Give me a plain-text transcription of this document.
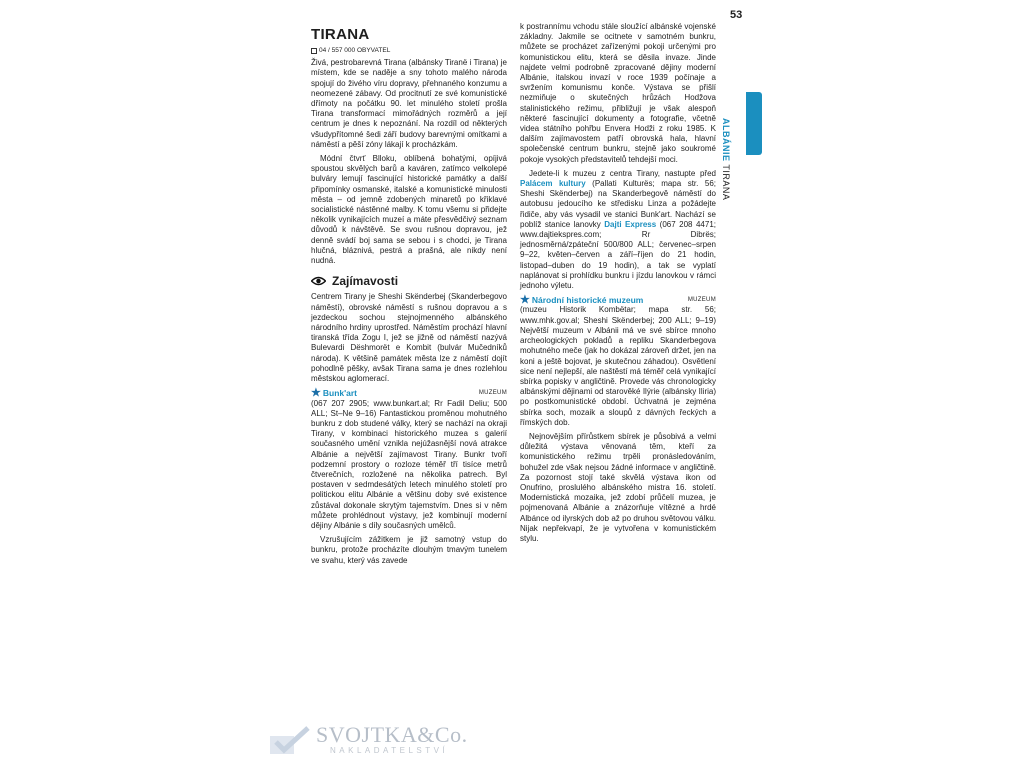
53
ALBÁNIE TIRANA
TIRANA
04 / 557 000 OBYVATEL

Živá, pestrobarevná Tirana (albánsky Tiranë i Tirana) je místem, kde se naděje a sny tohoto malého národa spojují do živého víru dopravy, přehnaného konzumu a neomezené zábavy. Od procitnutí ze své komunistické dřímoty na počátku 90. let minulého století prošla Tirana transformací mimořádných rozměrů a její centrum je dnes k nepoznání. Na rozdíl od některých všudypřítomné šedi září budovy barevnými omítkami a náměstí a pěší zóny lákají k procházkám.

Módní čtvrť Blloku, oblíbená bohatými, opíjivá spoustou skvělých barů a kaváren, zatímco velkolepé bulváry lemují fascinující historické památky a další připomínky osmanské, italské a komunistické minulosti města – od jemně zdobených minaretů po křiklavé socialistické nástěnné malby. K tomu všemu si přidejte několik vynikajících muzeí a máte přesvědčivý seznam důvodů k návštěvě. Se svou rušnou dopravou, jež denně svádí boj sama se sebou i s chodci, je Tirana hlučná, bláznivá, pestrá a prašná, ale nikdy není nudná.

Zajímavosti

Centrem Tirany je Sheshi Skënderbej (Skanderbegovo náměstí), obrovské náměstí s rušnou dopravou a s jezdeckou sochou stejnojmenného albánského národního hrdiny uprostřed. Náměstím prochází hlavní tiranská třída Zogu I, jež se jižně od náměstí nazývá Bulevardi Dëshmorët e Kombit (bulvár Mučedníků národa). K většině památek města lze z náměstí dojít pohodlně pěšky, avšak Tirana sama je dnes rozlehlou městskou aglomerací.

★ Bunk'art	MUZEUM

(067 207 2905; www.bunkart.al; Rr Fadil Deliu; 500 ALL; St–Ne 9–16) Fantastickou proměnou mohutného bunkru z dob studené války, který se nachází na okraji Tirany, v kombinaci historického muzea s galerií současného umění vznikla nejúžasnější nová atrakce Albánie a největší zajímavost Tirany. Bunkr tvoří podzemní prostory o rozloze téměř tří tisíce metrů čtverečních, rozložené na několika patrech. Byl postaven v sedmdesátých letech minulého století pro politickou elitu Albánie a většinu doby své existence zůstával dokonale skrytým tajemstvím. Dnes si v něm můžete prohlédnout výstavy, jež kombinují moderní dějiny Albánie s díly současných umělců.

Vzrušujícím zážitkem je již samotný vstup do bunkru, protože procházíte dlouhým tmavým tunelem ve svahu, který vás zavede

k postrannímu vchodu stále sloužící albánské vojenské základny. Jakmile se ocitnete v samotném bunkru, můžete se procházet zařízenými pokoji určenými pro komunistickou elitu, která se děsila invaze. Jinde najdete velmi podrobně zpracované dějiny moderní Albánie, italskou invazí v roce 1939 počínaje a svržením komunismu konče. Výstava se přišlí nezmiňuje o skutečných hrůzách Hodžova stalinistického režimu, přibližují je však alespoň některé fascinující dokumenty a fotografie, včetně videa státního pohřbu Envera Hodži z roku 1985. K dalším zajímavostem patří obrovská hala, hlavní společenské centrum bunkru, stejně jako soukromé pokoje vysokých představitelů tehdejší moci.

Jedete-li k muzeu z centra Tirany, nastupte před Palácem kultury (Pallati Kulturës; mapa str. 56; Sheshi Skënderbej) na Skanderbegově náměstí do autobusu jedoucího ke středisku Linza a požádejte řidiče, aby vás vysadil ve stanici Bunk'art. Nachází se poblíž stanice lanovky Dajti Express (067 208 4471; www.dajtiekspres.com; Rr Dibrës; jednosměrná/zpáteční 500/800 ALL; červenec–srpen 9–22, květen–červen a září–říjen do 21 hodin, listopad–duben do 19 hodin), a tak se vyplatí naplánovat si prohlídku bunkru i jízdu lanovkou v rámci jednoho výletu.

★ Národní historické muzeum	MUZEUM

(muzeu Historik Kombëtar; mapa str. 56; www.mhk.gov.al; Sheshi Skënderbej; 200 ALL; 9–19) Největší muzeum v Albánii má ve své sbírce mnoho archeologických pokladů a repliku Skanderbegova mohutného meče (jak ho dokázal zároveň držet, jen na koni a ještě bojovat, je skutečnou záhadou). Osvětlení sice není nejlepší, ale naštěstí má téměř celá vynikající sbírka popisky v angličtině. Provede vás chronologicky albánskými dějinami od starověké Ilýrie (albánsky Iliria) po postkomunistické období. Úchvatná je zejména sbírka soch, mozaik a sloupů z dávných řeckých a římských dob.

Nejnovějším přírůstkem sbírek je působivá a velmi důležitá výstava věnovaná těm, kteří za komunistického režimu trpěli pronásledováním, bohužel zde však nejsou žádné informace v angličtině. Za pozornost stojí také skvělá výstava ikon od Onufrino, proslulého albánského mistra 16. století. Modernistická mozaika, jež zdobí průčelí muzea, je pojmenovaná Albánie a znázorňuje vítězné a hrdé Albánce od ilyrských dob až po druhou světovou válku. Nijak nepřekvapí, že je vytvořena v komunistickém stylu.

SVOJTKA&Co.
NAKLADATELSTVÍ
